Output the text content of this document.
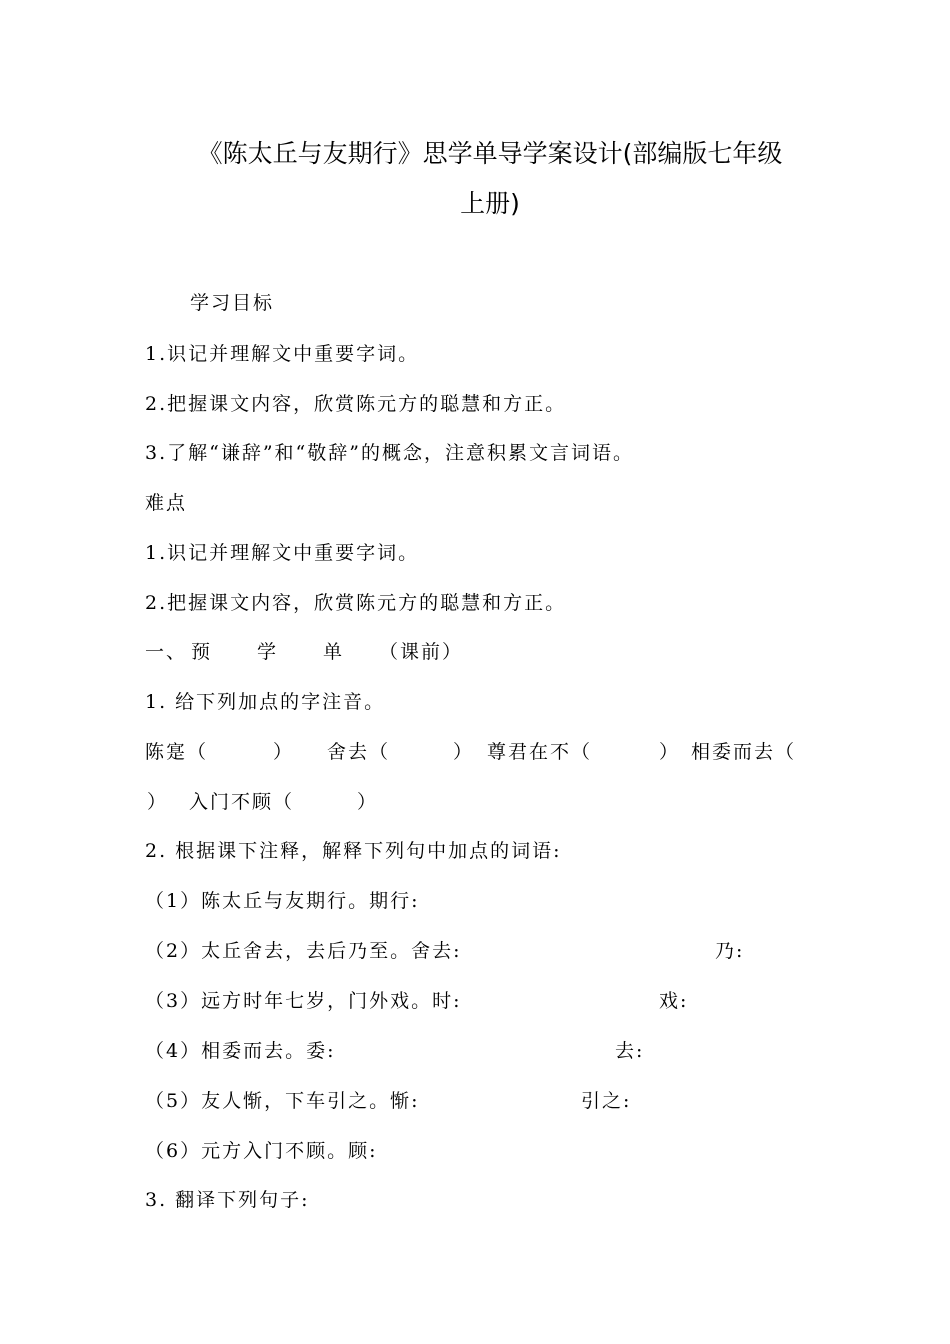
《陈太丘与友期行》思学单导学案设计(部编版七年级
上册)
学习目标
1.识记并理解文中重要字词。
2.把握课文内容，欣赏陈元方的聪慧和方正。
3.了解“谦辞”和“敬辞”的概念，注意积累文言词语。
难点
1.识记并理解文中重要字词。
2.把握课文内容，欣赏陈元方的聪慧和方正。
一、 预 学 单 （课前）
1. 给下列加点的字注音。
陈寔（	） 舍去（	） 尊君在不（	） 相委而去（
） 入门不顾（	）
2. 根据课下注释，解释下列句中加点的词语:
（1）陈太丘与友期行。期行:
（2）太丘舍去，去后乃至。舍去:	乃:
（3）远方时年七岁，门外戏。时:	戏:
（4）相委而去。委:	去:
（5）友人惭，下车引之。惭:	引之:
（6）元方入门不顾。顾:
3. 翻译下列句子:
